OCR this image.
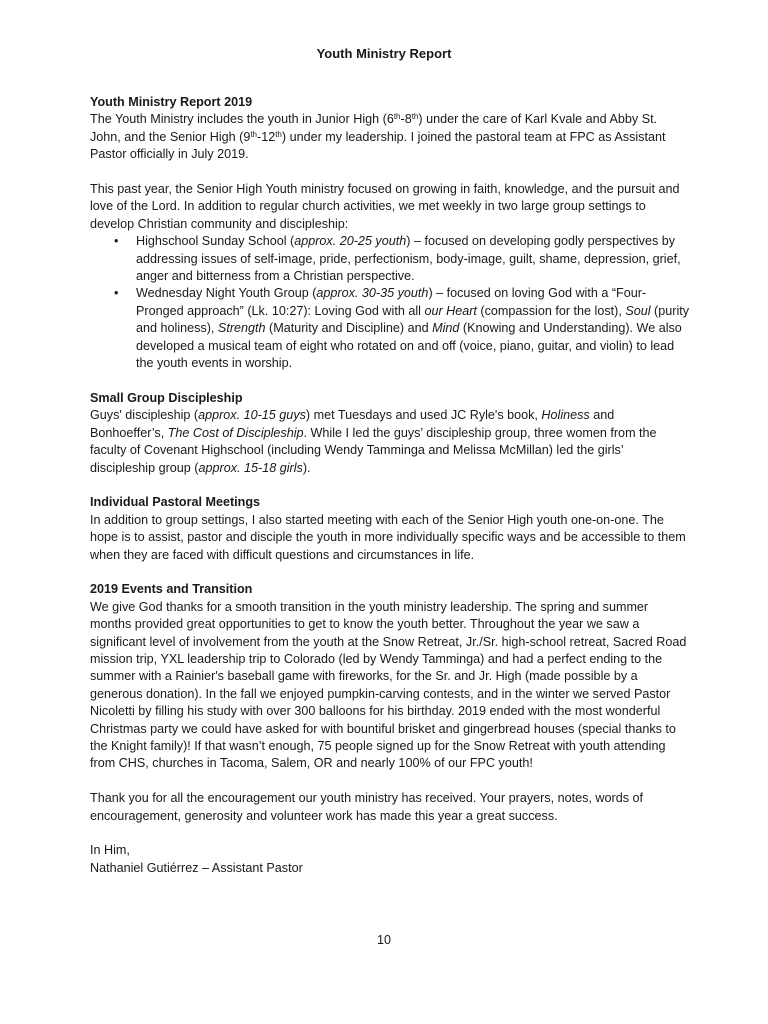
Youth Ministry Report

Youth Ministry Report 2019

The Youth Ministry includes the youth in Junior High (6th-8th) under the care of Karl Kvale and Abby St. John, and the Senior High (9th-12th) under my leadership. I joined the pastoral team at FPC as Assistant Pastor officially in July 2019.

This past year, the Senior High Youth ministry focused on growing in faith, knowledge, and the pursuit and love of the Lord. In addition to regular church activities, we met weekly in two large group settings to develop Christian community and discipleship:

• Highschool Sunday School (approx. 20-25 youth) – focused on developing godly perspectives by addressing issues of self-image, pride, perfectionism, body-image, guilt, shame, depression, grief, anger and bitterness from a Christian perspective.
• Wednesday Night Youth Group (approx. 30-35 youth) – focused on loving God with a “Four-Pronged approach” (Lk. 10:27): Loving God with all our Heart (compassion for the lost), Soul (purity and holiness), Strength (Maturity and Discipline) and Mind (Knowing and Understanding). We also developed a musical team of eight who rotated on and off (voice, piano, guitar, and violin) to lead the youth events in worship.

Small Group Discipleship

Guys' discipleship (approx. 10-15 guys) met Tuesdays and used JC Ryle's book, Holiness and Bonhoeffer’s, The Cost of Discipleship. While I led the guys’ discipleship group, three women from the faculty of Covenant Highschool (including Wendy Tamminga and Melissa McMillan) led the girls’ discipleship group (approx. 15-18 girls).

Individual Pastoral Meetings

In addition to group settings, I also started meeting with each of the Senior High youth one-on-one. The hope is to assist, pastor and disciple the youth in more individually specific ways and be accessible to them when they are faced with difficult questions and circumstances in life.

2019 Events and Transition

We give God thanks for a smooth transition in the youth ministry leadership. The spring and summer months provided great opportunities to get to know the youth better. Throughout the year we saw a significant level of involvement from the youth at the Snow Retreat, Jr./Sr. high-school retreat, Sacred Road mission trip, YXL leadership trip to Colorado (led by Wendy Tamminga) and had a perfect ending to the summer with a Rainier's baseball game with fireworks, for the Sr. and Jr. High (made possible by a generous donation). In the fall we enjoyed pumpkin-carving contests, and in the winter we served Pastor Nicoletti by filling his study with over 300 balloons for his birthday. 2019 ended with the most wonderful Christmas party we could have asked for with bountiful brisket and gingerbread houses (special thanks to the Knight family)! If that wasn’t enough, 75 people signed up for the Snow Retreat with youth attending from CHS, churches in Tacoma, Salem, OR and nearly 100% of our FPC youth!

Thank you for all the encouragement our youth ministry has received. Your prayers, notes, words of encouragement, generosity and volunteer work has made this year a great success.

In Him,

Nathaniel Gutiérrez – Assistant Pastor

10
